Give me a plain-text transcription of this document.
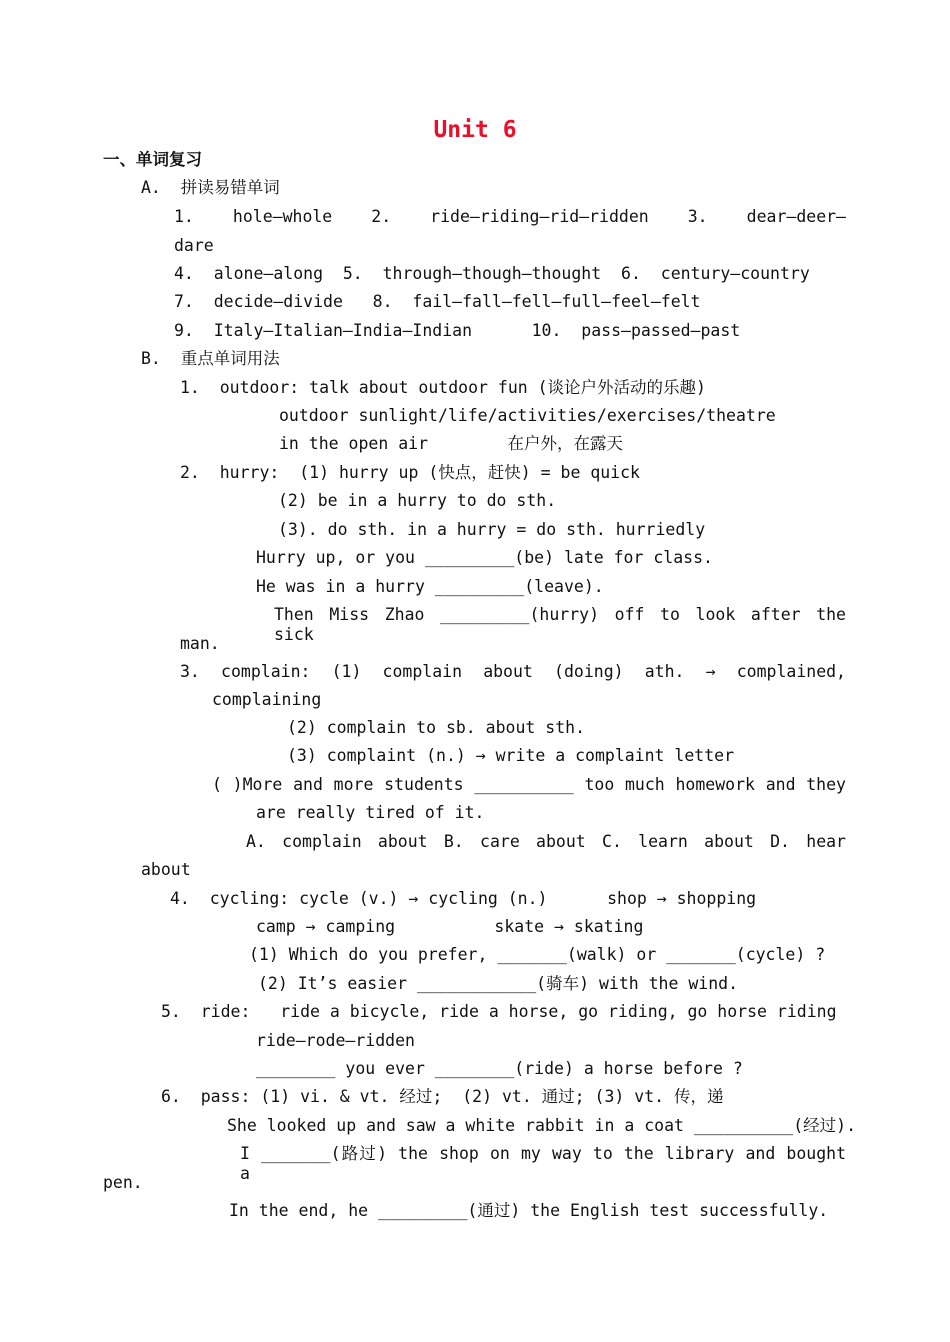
Unit 6
一、单词复习
A.  拼读易错单词
1. hole—whole 2. ride—riding—rid—ridden 3. dear—deer—
dare
4.  alone—along  5.  through—though—thought  6.  century—country
7.  decide—divide   8.  fail—fall—fell—full—feel—felt
9.  Italy—Italian—India—Indian      10.  pass—passed—past
B.  重点单词用法
1.  outdoor: talk about outdoor fun (谈论户外活动的乐趣)
outdoor sunlight/life/activities/exercises/theatre
in the open air        在户外，在露天
2.  hurry:  (1) hurry up (快点，赶快) = be quick
(2) be in a hurry to do sth.
(3). do sth. in a hurry = do sth. hurriedly
Hurry up, or you _________(be) late for class.
He was in a hurry _________(leave).
Then Miss Zhao _________(hurry) off to look after the sick
man.
3. complain: (1) complain about (doing) ath. → complained,
complaining
(2) complain to sb. about sth.
(3) complaint (n.) → write a complaint letter
( )More and more students __________ too much homework and they
are really tired of it.
A. complain about B. care about C. learn about D. hear
about
4.  cycling: cycle (v.) → cycling (n.)      shop → shopping
camp → camping          skate → skating
(1) Which do you prefer, _______(walk) or _______(cycle) ?
(2) It’s easier ____________(骑车) with the wind.
5.  ride:   ride a bicycle, ride a horse, go riding, go horse riding
ride—rode—ridden
________ you ever ________(ride) a horse before ?
6.  pass: (1) vi. & vt. 经过;  (2) vt. 通过; (3) vt. 传，递
She looked up and saw a white rabbit in a coat __________(经过).
I _______(路过) the shop on my way to the library and bought a
pen.
In the end, he _________(通过) the English test successfully.
